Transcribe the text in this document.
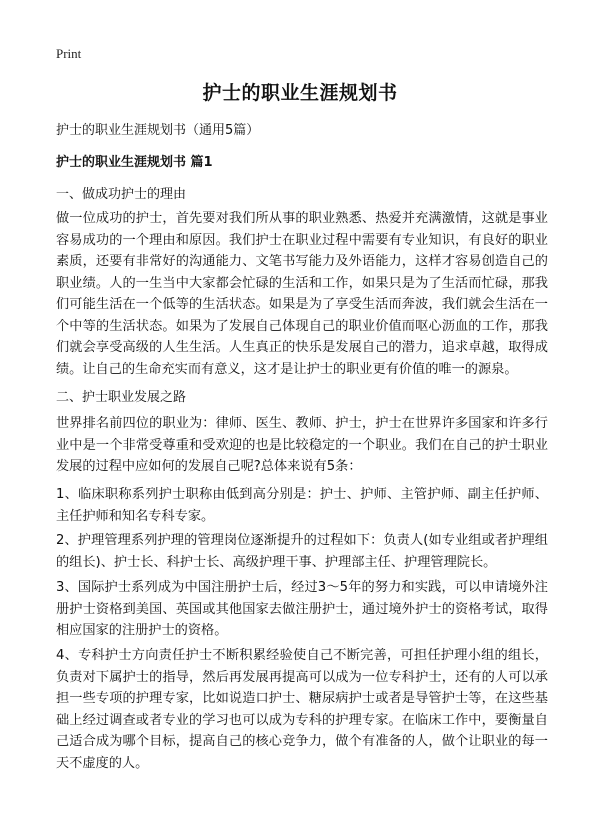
Print
护士的职业生涯规划书
护士的职业生涯规划书（通用5篇）
护士的职业生涯规划书 篇1
一、做成功护士的理由
做一位成功的护士，首先要对我们所从事的职业熟悉、热爱并充满激情，这就是事业容易成功的一个理由和原因。我们护士在职业过程中需要有专业知识，有良好的职业素质，还要有非常好的沟通能力、文笔书写能力及外语能力，这样才容易创造自己的职业绩。人的一生当中大家都会忙碌的生活和工作，如果只是为了生活而忙碌，那我们可能生活在一个低等的生活状态。如果是为了享受生活而奔波，我们就会生活在一个中等的生活状态。如果为了发展自己体现自己的职业价值而呕心沥血的工作，那我们就会享受高级的人生生活。人生真正的快乐是发展自己的潜力，追求卓越，取得成绩。让自己的生命充实而有意义，这才是让护士的职业更有价值的唯一的源泉。
二、护士职业发展之路
世界排名前四位的职业为：律师、医生、教师、护士，护士在世界许多国家和许多行业中是一个非常受尊重和受欢迎的也是比较稳定的一个职业。我们在自己的护士职业发展的过程中应如何的发展自己呢?总体来说有5条：
1、临床职称系列护士职称由低到高分别是：护士、护师、主管护师、副主任护师、主任护师和知名专科专家。
2、护理管理系列护理的管理岗位逐渐提升的过程如下：负责人(如专业组或者护理组的组长)、护士长、科护士长、高级护理干事、护理部主任、护理管理院长。
3、国际护士系列成为中国注册护士后，经过3～5年的努力和实践，可以申请境外注册护士资格到美国、英国或其他国家去做注册护士，通过境外护士的资格考试，取得相应国家的注册护士的资格。
4、专科护士方向责任护士不断积累经验使自己不断完善，可担任护理小组的组长，负责对下属护士的指导，然后再发展再提高可以成为一位专科护士，还有的人可以承担一些专项的护理专家，比如说造口护士、糖尿病护士或者是导管护士等，在这些基础上经过调查或者专业的学习也可以成为专科的护理专家。在临床工作中，要衡量自己适合成为哪个目标，提高自己的核心竞争力，做个有准备的人，做个让职业的每一天不虚度的人。
